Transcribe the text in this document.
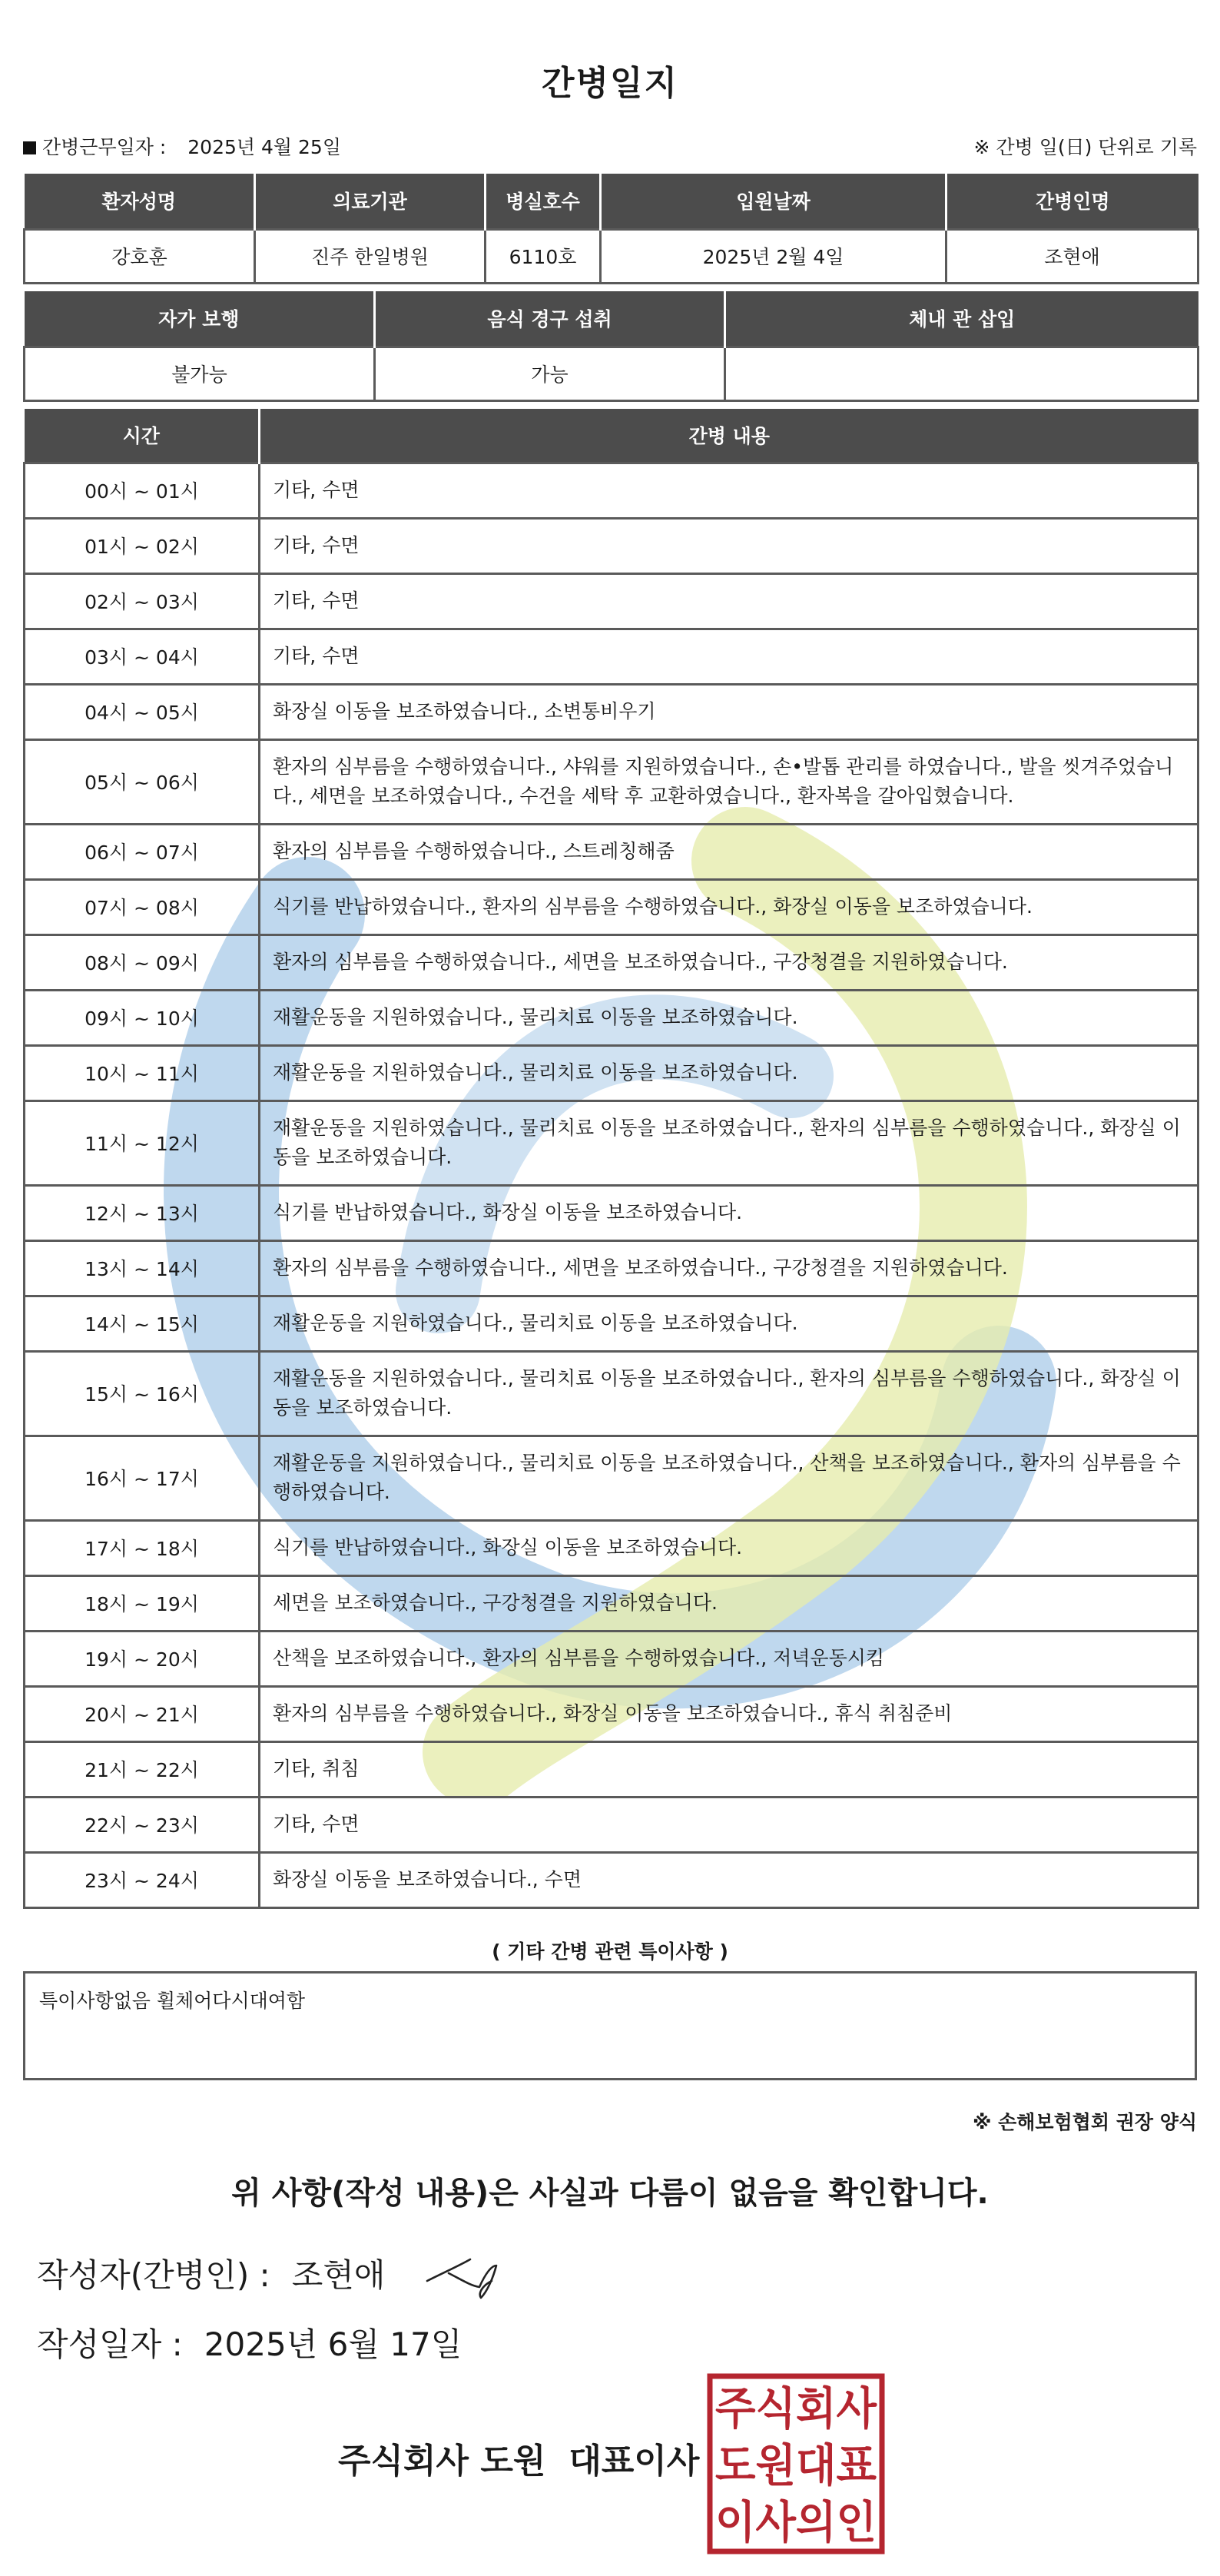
간병일지
간병근무일자 : 2025년 4월 25일	※ 간병 일(日) 단위로 기록
환자성명	의료기관	병실호수	입원날짜	간병인명
강호훈	진주 한일병원	6110호	2025년 2월 4일	조현애
자가 보행	음식 경구 섭취	체내 관 삽입
불가능	가능	
시간	간병 내용
00시 ~ 01시	기타, 수면
01시 ~ 02시	기타, 수면
02시 ~ 03시	기타, 수면
03시 ~ 04시	기타, 수면
04시 ~ 05시	화장실 이동을 보조하였습니다., 소변통비우기
05시 ~ 06시	환자의 심부름을 수행하였습니다., 샤워를 지원하였습니다., 손•발톱 관리를 하였습니다., 발을 씻겨주었습니다., 세면을 보조하였습니다., 수건을 세탁 후 교환하였습니다., 환자복을 갈아입혔습니다.
06시 ~ 07시	환자의 심부름을 수행하였습니다., 스트레칭해줌
07시 ~ 08시	식기를 반납하였습니다., 환자의 심부름을 수행하였습니다., 화장실 이동을 보조하였습니다.
08시 ~ 09시	환자의 심부름을 수행하였습니다., 세면을 보조하였습니다., 구강청결을 지원하였습니다.
09시 ~ 10시	재활운동을 지원하였습니다., 물리치료 이동을 보조하였습니다.
10시 ~ 11시	재활운동을 지원하였습니다., 물리치료 이동을 보조하였습니다.
11시 ~ 12시	재활운동을 지원하였습니다., 물리치료 이동을 보조하였습니다., 환자의 심부름을 수행하였습니다., 화장실 이동을 보조하였습니다.
12시 ~ 13시	식기를 반납하였습니다., 화장실 이동을 보조하였습니다.
13시 ~ 14시	환자의 심부름을 수행하였습니다., 세면을 보조하였습니다., 구강청결을 지원하였습니다.
14시 ~ 15시	재활운동을 지원하였습니다., 물리치료 이동을 보조하였습니다.
15시 ~ 16시	재활운동을 지원하였습니다., 물리치료 이동을 보조하였습니다., 환자의 심부름을 수행하였습니다., 화장실 이동을 보조하였습니다.
16시 ~ 17시	재활운동을 지원하였습니다., 물리치료 이동을 보조하였습니다., 산책을 보조하였습니다., 환자의 심부름을 수행하였습니다.
17시 ~ 18시	식기를 반납하였습니다., 화장실 이동을 보조하였습니다.
18시 ~ 19시	세면을 보조하였습니다., 구강청결을 지원하였습니다.
19시 ~ 20시	산책을 보조하였습니다., 환자의 심부름을 수행하였습니다., 저녁운동시킴
20시 ~ 21시	환자의 심부름을 수행하였습니다., 화장실 이동을 보조하였습니다., 휴식 취침준비
21시 ~ 22시	기타, 취침
22시 ~ 23시	기타, 수면
23시 ~ 24시	화장실 이동을 보조하였습니다., 수면
( 기타 간병 관련 특이사항 )
특이사항없음 휠체어다시대여함
※ 손해보험협회 권장 양식
위 사항(작성 내용)은 사실과 다름이 없음을 확인합니다.
작성자(간병인) : 조현애
작성일자 : 2025년 6월 17일
주식회사 도원 대표이사
주식회사
도원대표
이사의인
